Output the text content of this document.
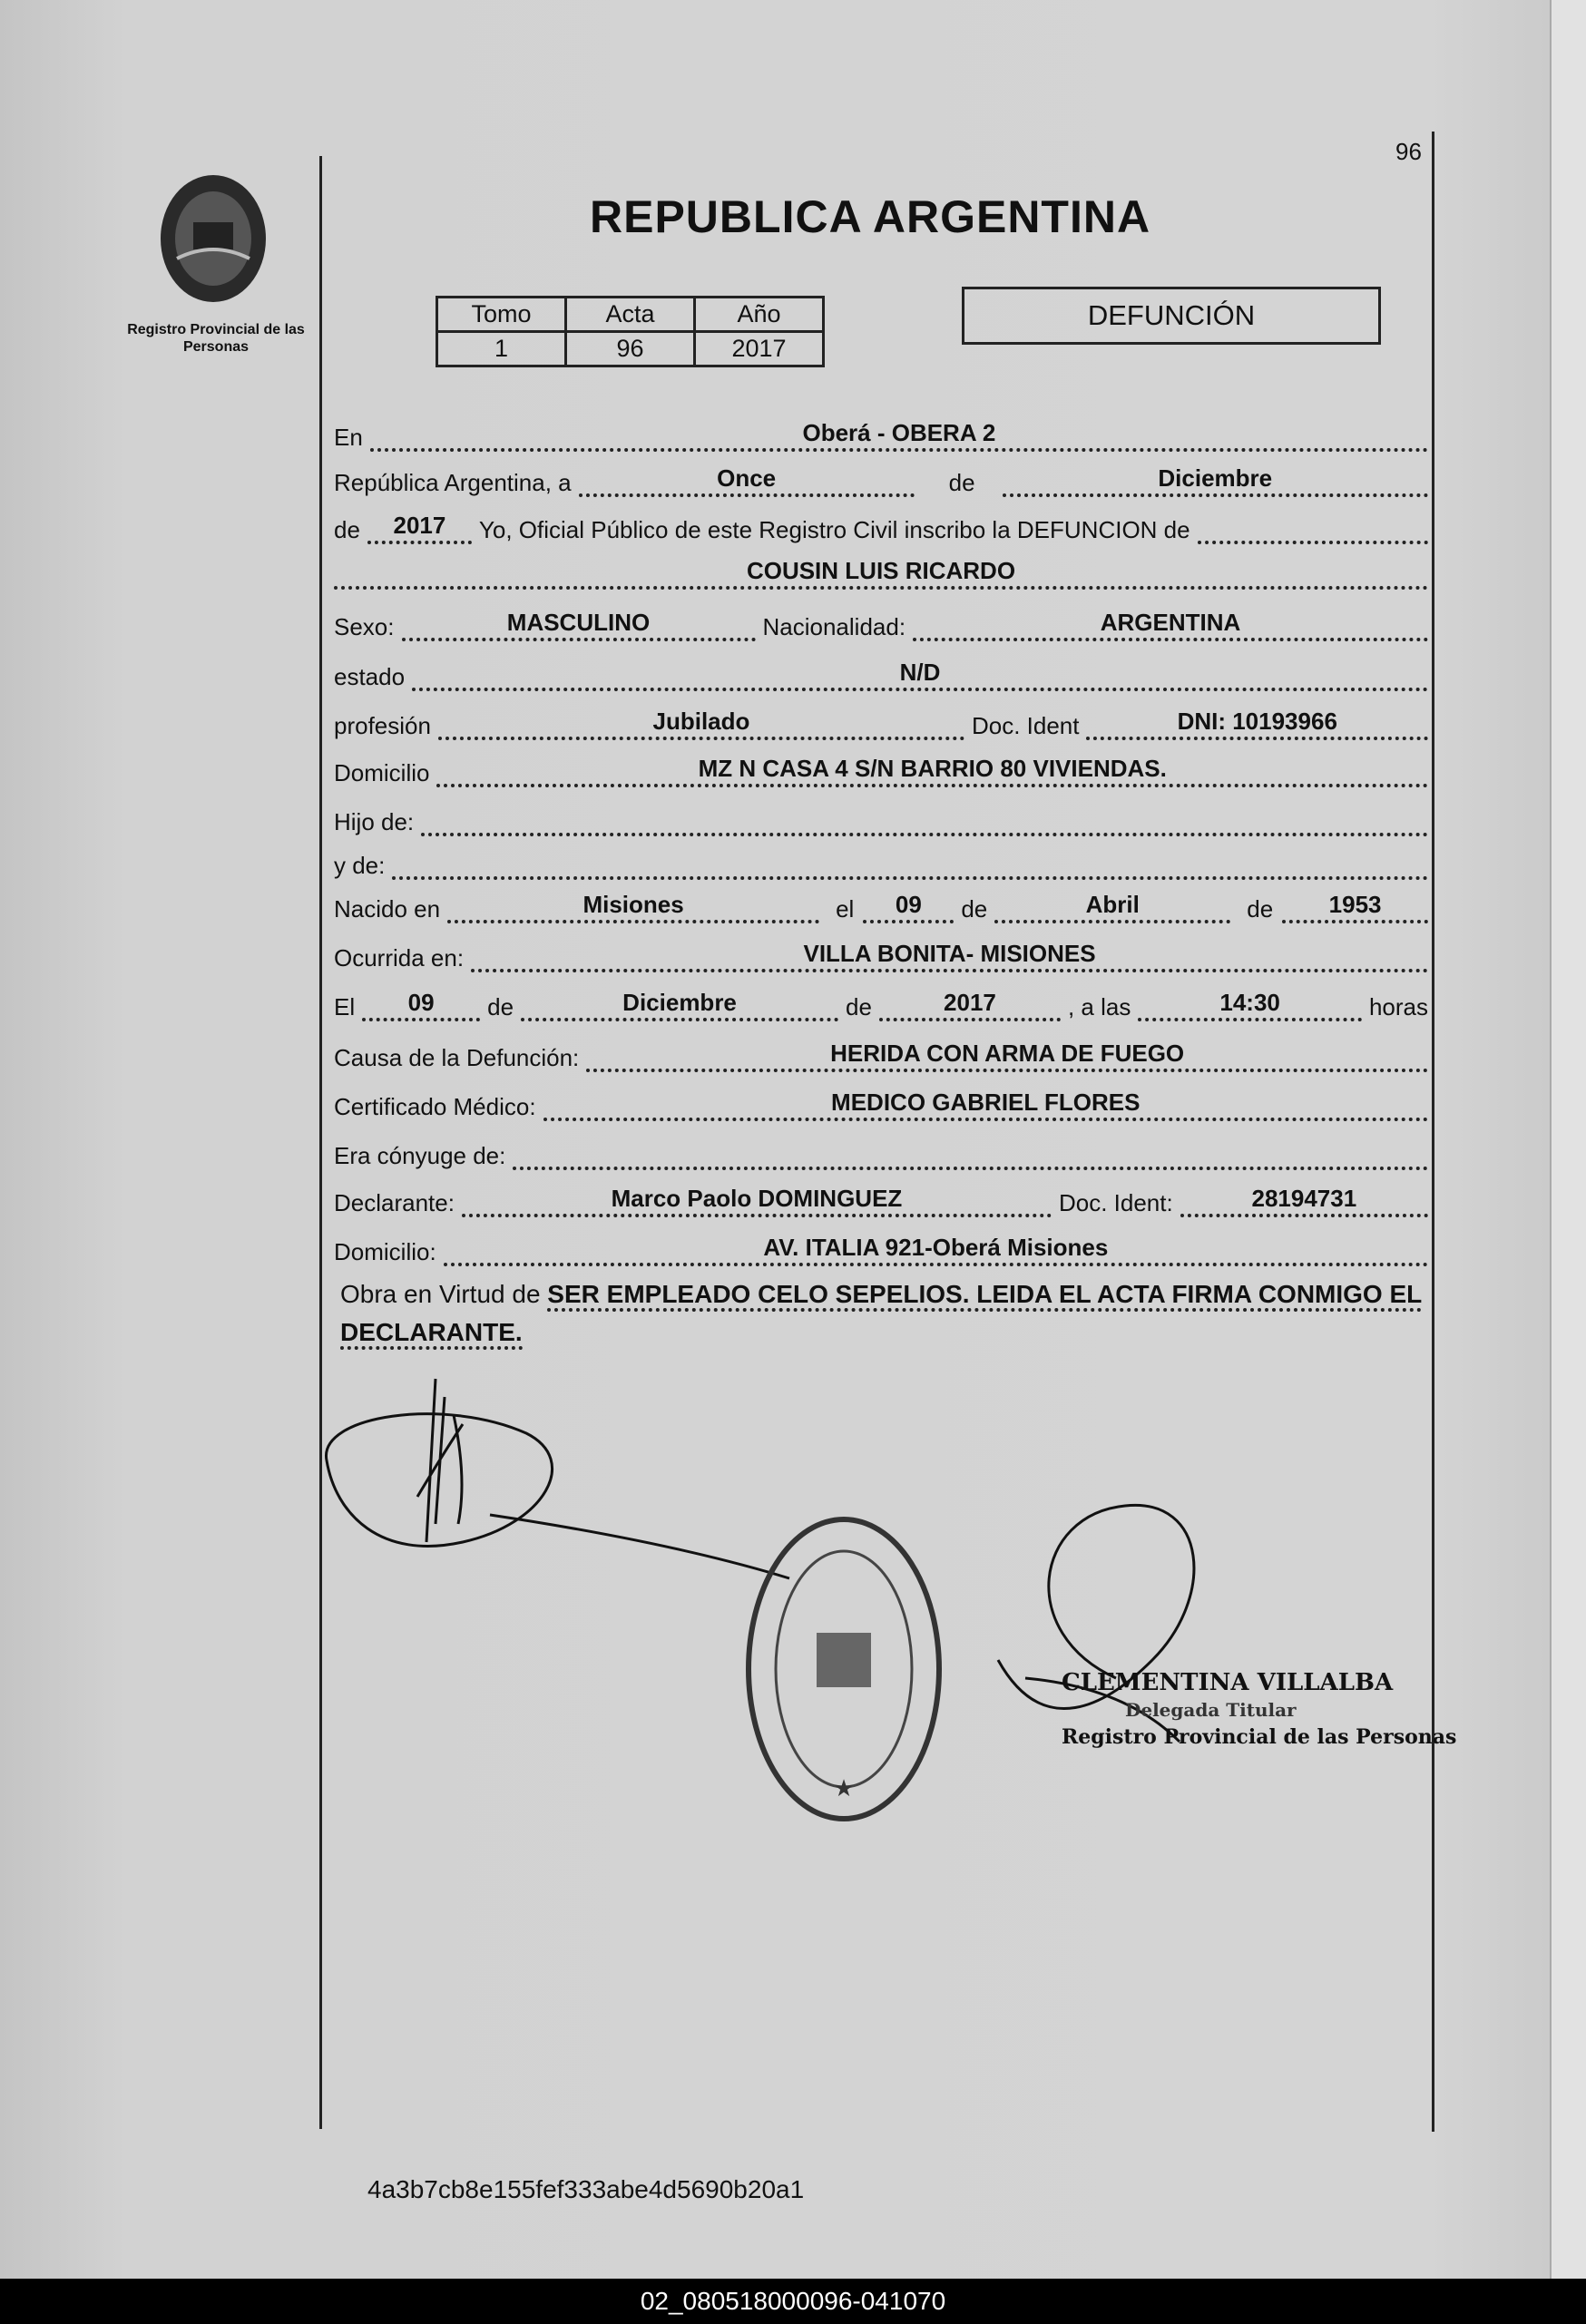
Registro Provincial de las Personas
96
REPUBLICA ARGENTINA
Tomo	Acta	Año
1	96	2017
DEFUNCIÓN
En	Oberá - OBERA 2
República Argentina, a	Once	de	Diciembre
de	2017	Yo, Oficial Público de este Registro Civil inscribo la DEFUNCION de
COUSIN LUIS RICARDO
Sexo:	MASCULINO	Nacionalidad:	ARGENTINA
estado	N/D
profesión	Jubilado	Doc. Ident	DNI: 10193966
Domicilio	MZ N CASA 4 S/N BARRIO 80 VIVIENDAS.
Hijo de:
y de:
Nacido en	Misiones	el	09	de	Abril	de	1953
Ocurrida en:	VILLA BONITA- MISIONES
El	09	de	Diciembre	de	2017	, a las	14:30	horas
Causa de la Defunción:	HERIDA CON ARMA DE FUEGO
Certificado Médico:	MEDICO GABRIEL FLORES
Era cónyuge de:
Declarante:	Marco Paolo DOMINGUEZ	Doc. Ident:	28194731
Domicilio:	AV. ITALIA 921-Oberá Misiones
Obra en Virtud de SER EMPLEADO CELO SEPELIOS. LEIDA EL ACTA FIRMA CONMIGO EL DECLARANTE.
★
CLEMENTINA VILLALBA
Delegada Titular
Registro Provincial de las Personas
4a3b7cb8e155fef333abe4d5690b20a1
02_080518000096-041070
